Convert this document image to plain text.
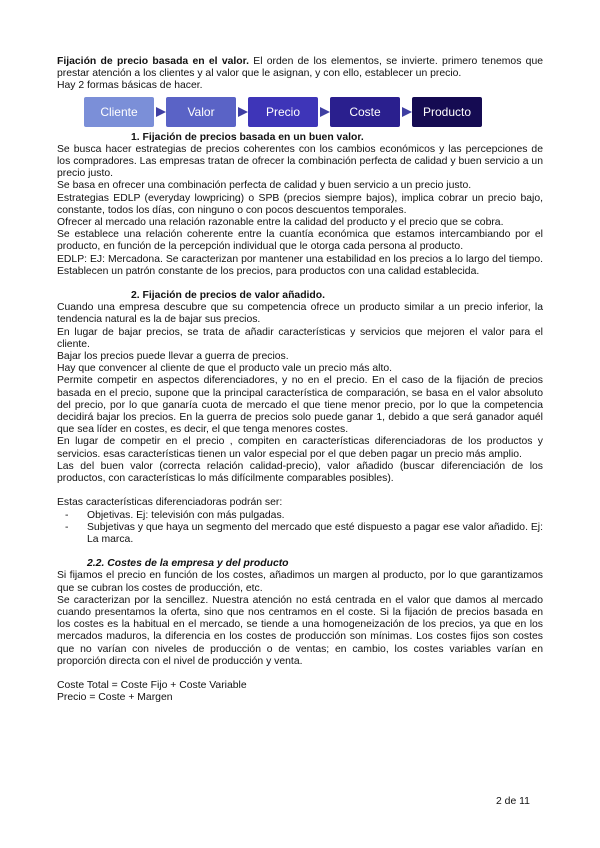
Fijación de precio basada en el valor. El orden de los elementos, se invierte. primero tenemos que prestar atención a los clientes y al valor que le asignan, y con ello, establecer un precio.

Hay 2 formas básicas de hacer.

Cliente	Valor	Precio	Coste	Producto

1. Fijación de precios basada en un buen valor.

Se busca hacer estrategias de precios coherentes con los cambios económicos y las percepciones de los compradores. Las empresas tratan de ofrecer la combinación perfecta de calidad y buen servicio a un precio justo.

Se basa en ofrecer una combinación perfecta de calidad y buen servicio a un precio justo.

Estrategias EDLP (everyday lowpricing) o SPB (precios siempre bajos), implica cobrar un precio bajo, constante, todos los días, con ninguno o con pocos descuentos temporales.

Ofrecer al mercado una relación razonable entre la calidad del producto y el precio que se cobra.

Se establece una relación coherente entre la cuantía económica que estamos intercambiando por el producto, en función de la percepción individual que le otorga cada persona al producto.

EDLP: EJ: Mercadona. Se caracterizan por mantener una estabilidad en los precios a lo largo del tiempo. Establecen un patrón constante de los precios, para productos con una calidad establecida.

2. Fijación de precios de valor añadido.

Cuando una empresa descubre que su competencia ofrece un producto similar a un precio inferior, la tendencia natural es la de bajar sus precios.

En lugar de bajar precios, se trata de añadir características y servicios que mejoren el valor para el cliente.

Bajar los precios puede llevar a guerra de precios.

Hay que convencer al cliente de que el producto vale un precio más alto.

Permite competir en aspectos diferenciadores, y no en el precio. En el caso de la fijación de precios basada en el precio, supone que la principal característica de comparación, se basa en el valor absoluto del precio, por lo que ganaría cuota de mercado el que tiene menor precio, por lo que la competencia decidirá bajar los precios. En la guerra de precios solo puede ganar 1, debido a que será ganador aquél que sea líder en costes, es decir, el que tenga menores costes.

En lugar de competir en el precio , compiten en características diferenciadoras de los productos y servicios. esas características tienen un valor especial por el que deben pagar un precio más amplio.

Las del buen valor (correcta relación calidad-precio), valor añadido (buscar diferenciación de los productos, con características lo más difícilmente comparables posibles).

Estas características diferenciadoras podrán ser:

- Objetivas. Ej: televisión con más pulgadas.
- Subjetivas y que haya un segmento del mercado que esté dispuesto a pagar ese valor añadido. Ej: La marca.

2.2. Costes de la empresa y del producto

Si fijamos el precio en función de los costes, añadimos un margen al producto, por lo que garantizamos que se cubran los costes de producción, etc.

Se caracterizan por la sencillez. Nuestra atención no está centrada en el valor que damos al mercado cuando presentamos la oferta, sino que nos centramos en el coste. Si la fijación de precios basada en los costes es la habitual en el mercado, se tiende a una homogeneización de los precios, ya que en los mercados maduros, la diferencia en los costes de producción son mínimas. Los costes fijos son costes que no varían con niveles de producción o de ventas; en cambio, los costes variables varían en proporción directa con el nivel de producción y venta.

Coste Total = Coste Fijo + Coste Variable

Precio = Coste + Margen

2 de 11
